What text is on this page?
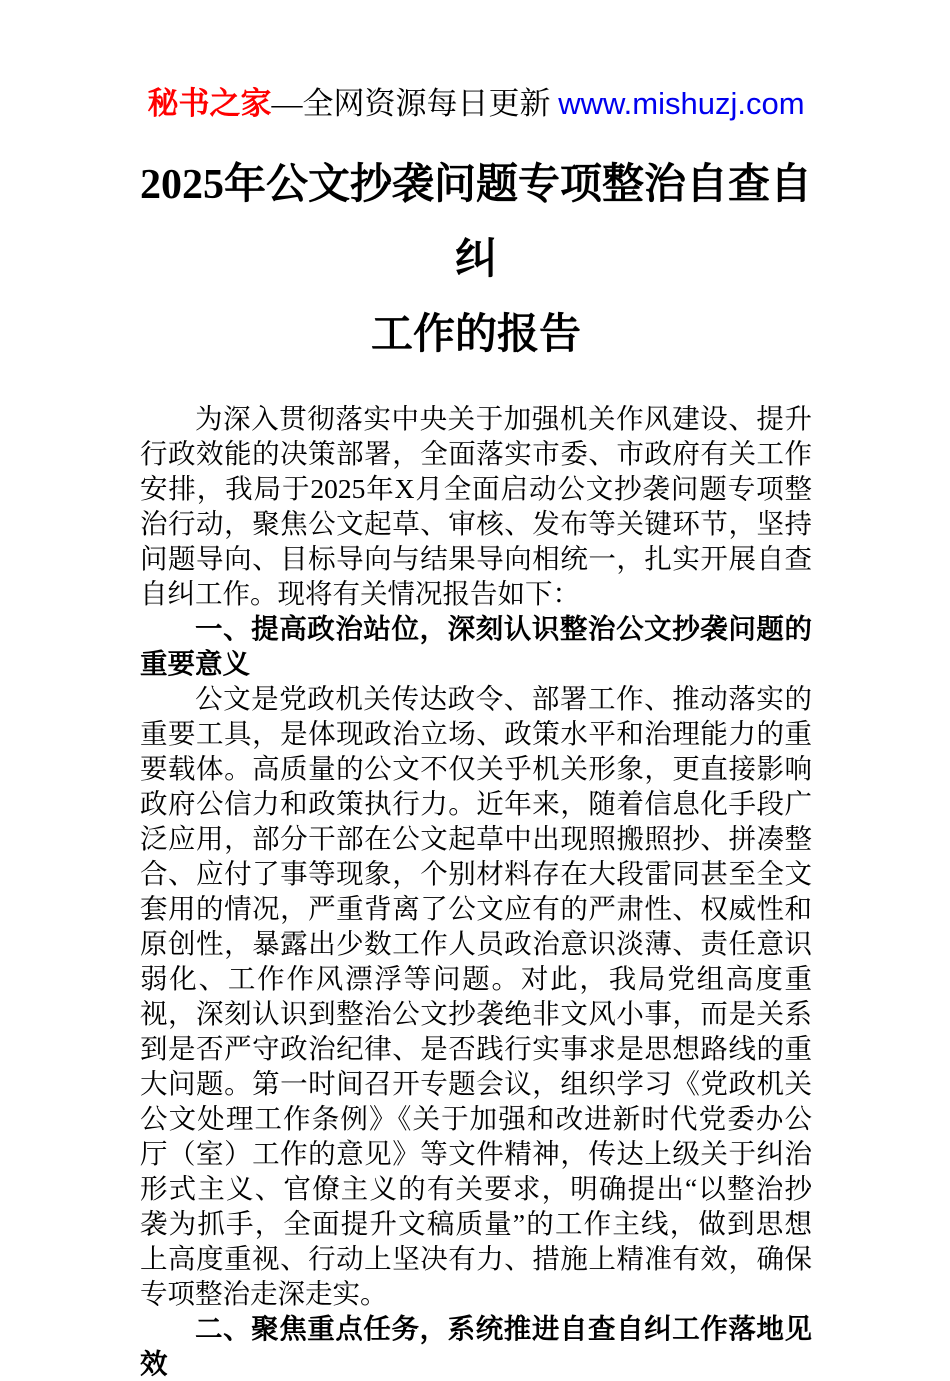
秘书之家—全网资源每日更新 www.mishuzj.com
2025年公文抄袭问题专项整治自查自纠
工作的报告

为深入贯彻落实中央关于加强机关作风建设、提升行政效能的决策部署，全面落实市委、市政府有关工作安排，我局于2025年X月全面启动公文抄袭问题专项整治行动，聚焦公文起草、审核、发布等关键环节，坚持问题导向、目标导向与结果导向相统一，扎实开展自查自纠工作。现将有关情况报告如下：

一、提高政治站位，深刻认识整治公文抄袭问题的重要意义

公文是党政机关传达政令、部署工作、推动落实的重要工具，是体现政治立场、政策水平和治理能力的重要载体。高质量的公文不仅关乎机关形象，更直接影响政府公信力和政策执行力。近年来，随着信息化手段广泛应用，部分干部在公文起草中出现照搬照抄、拼凑整合、应付了事等现象，个别材料存在大段雷同甚至全文套用的情况，严重背离了公文应有的严肃性、权威性和原创性，暴露出少数工作人员政治意识淡薄、责任意识弱化、工作作风漂浮等问题。对此，我局党组高度重视，深刻认识到整治公文抄袭绝非文风小事，而是关系到是否严守政治纪律、是否践行实事求是思想路线的重大问题。第一时间召开专题会议，组织学习《党政机关公文处理工作条例》《关于加强和改进新时代党委办公厅（室）工作的意见》等文件精神，传达上级关于纠治形式主义、官僚主义的有关要求，明确提出“以整治抄袭为抓手，全面提升文稿质量”的工作主线，做到思想上高度重视、行动上坚决有力、措施上精准有效，确保专项整治走深走实。

二、聚焦重点任务，系统推进自查自纠工作落地见效
